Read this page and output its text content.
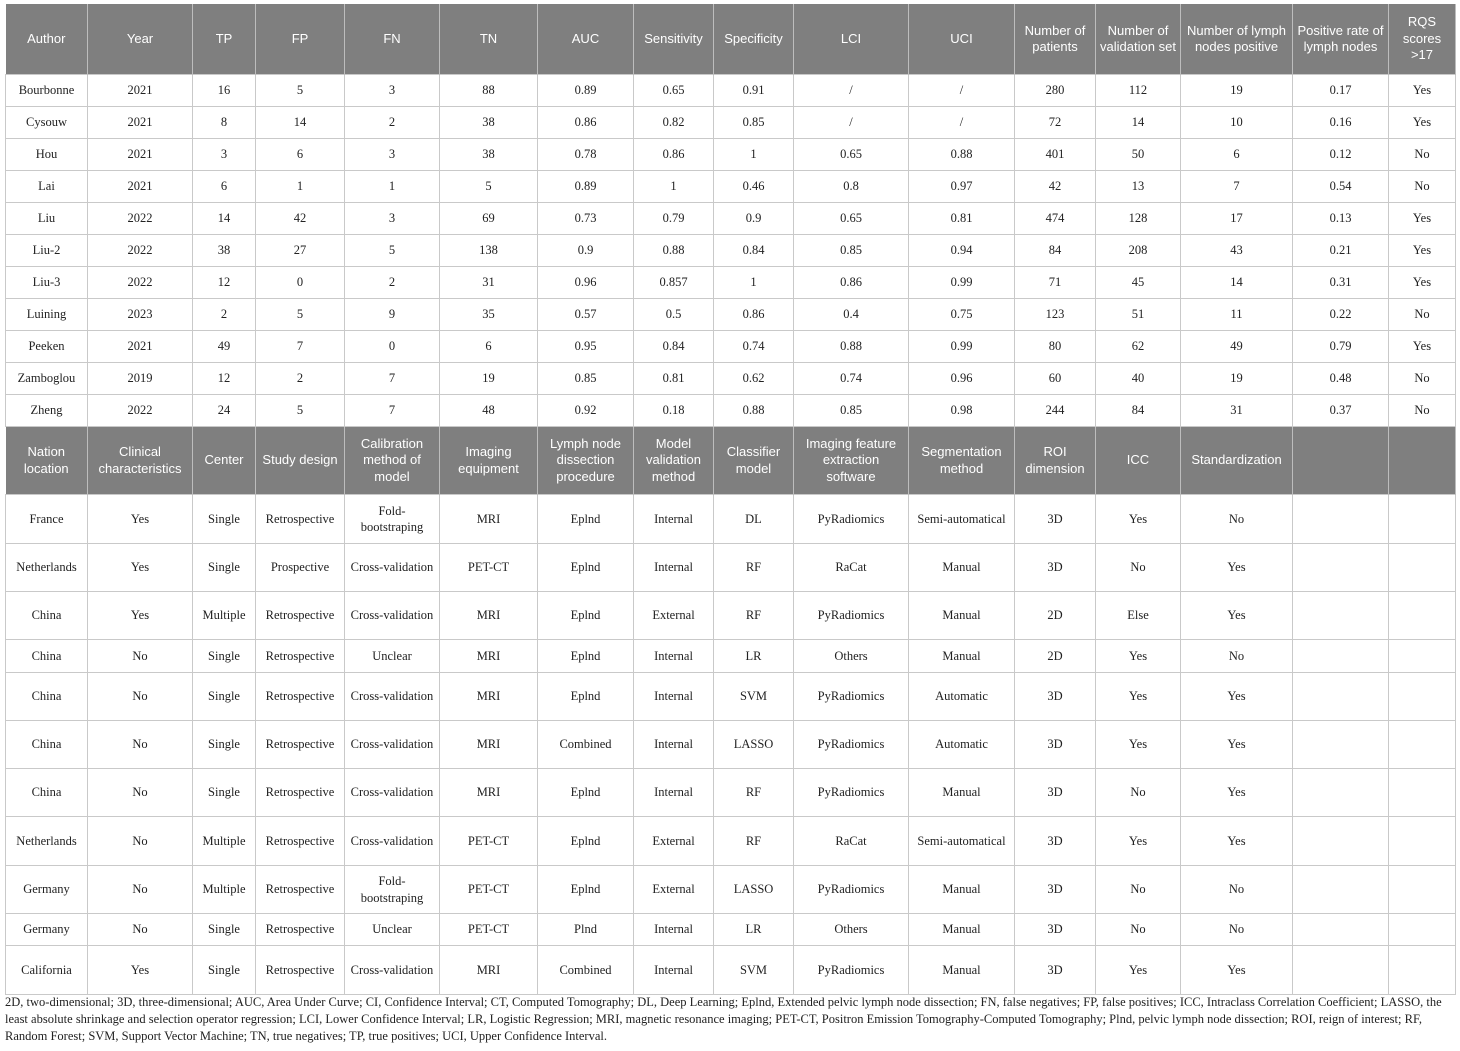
Author	Year	TP	FP	FN	TN	AUC	Sensitivity	Specificity	LCI	UCI	Number of patients	Number of validation set	Number of lymph nodes positive	Positive rate of lymph nodes	RQS scores >17
Bourbonne	2021	16	5	3	88	0.89	0.65	0.91	/	/	280	112	19	0.17	Yes
Cysouw	2021	8	14	2	38	0.86	0.82	0.85	/	/	72	14	10	0.16	Yes
Hou	2021	3	6	3	38	0.78	0.86	1	0.65	0.88	401	50	6	0.12	No
Lai	2021	6	1	1	5	0.89	1	0.46	0.8	0.97	42	13	7	0.54	No
Liu	2022	14	42	3	69	0.73	0.79	0.9	0.65	0.81	474	128	17	0.13	Yes
Liu-2	2022	38	27	5	138	0.9	0.88	0.84	0.85	0.94	84	208	43	0.21	Yes
Liu-3	2022	12	0	2	31	0.96	0.857	1	0.86	0.99	71	45	14	0.31	Yes
Luining	2023	2	5	9	35	0.57	0.5	0.86	0.4	0.75	123	51	11	0.22	No
Peeken	2021	49	7	0	6	0.95	0.84	0.74	0.88	0.99	80	62	49	0.79	Yes
Zamboglou	2019	12	2	7	19	0.85	0.81	0.62	0.74	0.96	60	40	19	0.48	No
Zheng	2022	24	5	7	48	0.92	0.18	0.88	0.85	0.98	244	84	31	0.37	No
Nation location	Clinical characteristics	Center	Study design	Calibration method of model	Imaging equipment	Lymph node dissection procedure	Model validation method	Classifier model	Imaging feature extraction software	Segmentation method	ROI dimension	ICC	Standardization		
France	Yes	Single	Retrospective	Fold-bootstraping	MRI	Eplnd	Internal	DL	PyRadiomics	Semi-automatical	3D	Yes	No		
Netherlands	Yes	Single	Prospective	Cross-validation	PET-CT	Eplnd	Internal	RF	RaCat	Manual	3D	No	Yes		
China	Yes	Multiple	Retrospective	Cross-validation	MRI	Eplnd	External	RF	PyRadiomics	Manual	2D	Else	Yes		
China	No	Single	Retrospective	Unclear	MRI	Eplnd	Internal	LR	Others	Manual	2D	Yes	No		
China	No	Single	Retrospective	Cross-validation	MRI	Eplnd	Internal	SVM	PyRadiomics	Automatic	3D	Yes	Yes		
China	No	Single	Retrospective	Cross-validation	MRI	Combined	Internal	LASSO	PyRadiomics	Automatic	3D	Yes	Yes		
China	No	Single	Retrospective	Cross-validation	MRI	Eplnd	Internal	RF	PyRadiomics	Manual	3D	No	Yes		
Netherlands	No	Multiple	Retrospective	Cross-validation	PET-CT	Eplnd	External	RF	RaCat	Semi-automatical	3D	Yes	Yes		
Germany	No	Multiple	Retrospective	Fold-bootstraping	PET-CT	Eplnd	External	LASSO	PyRadiomics	Manual	3D	No	No		
Germany	No	Single	Retrospective	Unclear	PET-CT	Plnd	Internal	LR	Others	Manual	3D	No	No		
California	Yes	Single	Retrospective	Cross-validation	MRI	Combined	Internal	SVM	PyRadiomics	Manual	3D	Yes	Yes		
2D, two-dimensional; 3D, three-dimensional; AUC, Area Under Curve; CI, Confidence Interval; CT, Computed Tomography; DL, Deep Learning; Eplnd, Extended pelvic lymph node dissection; FN, false negatives; FP, false positives; ICC, Intraclass Correlation Coefficient; LASSO, the least absolute shrinkage and selection operator regression; LCI, Lower Confidence Interval; LR, Logistic Regression; MRI, magnetic resonance imaging; PET-CT, Positron Emission Tomography-Computed Tomography; Plnd, pelvic lymph node dissection; ROI, reign of interest; RF, Random Forest; SVM, Support Vector Machine; TN, true negatives; TP, true positives; UCI, Upper Confidence Interval.
